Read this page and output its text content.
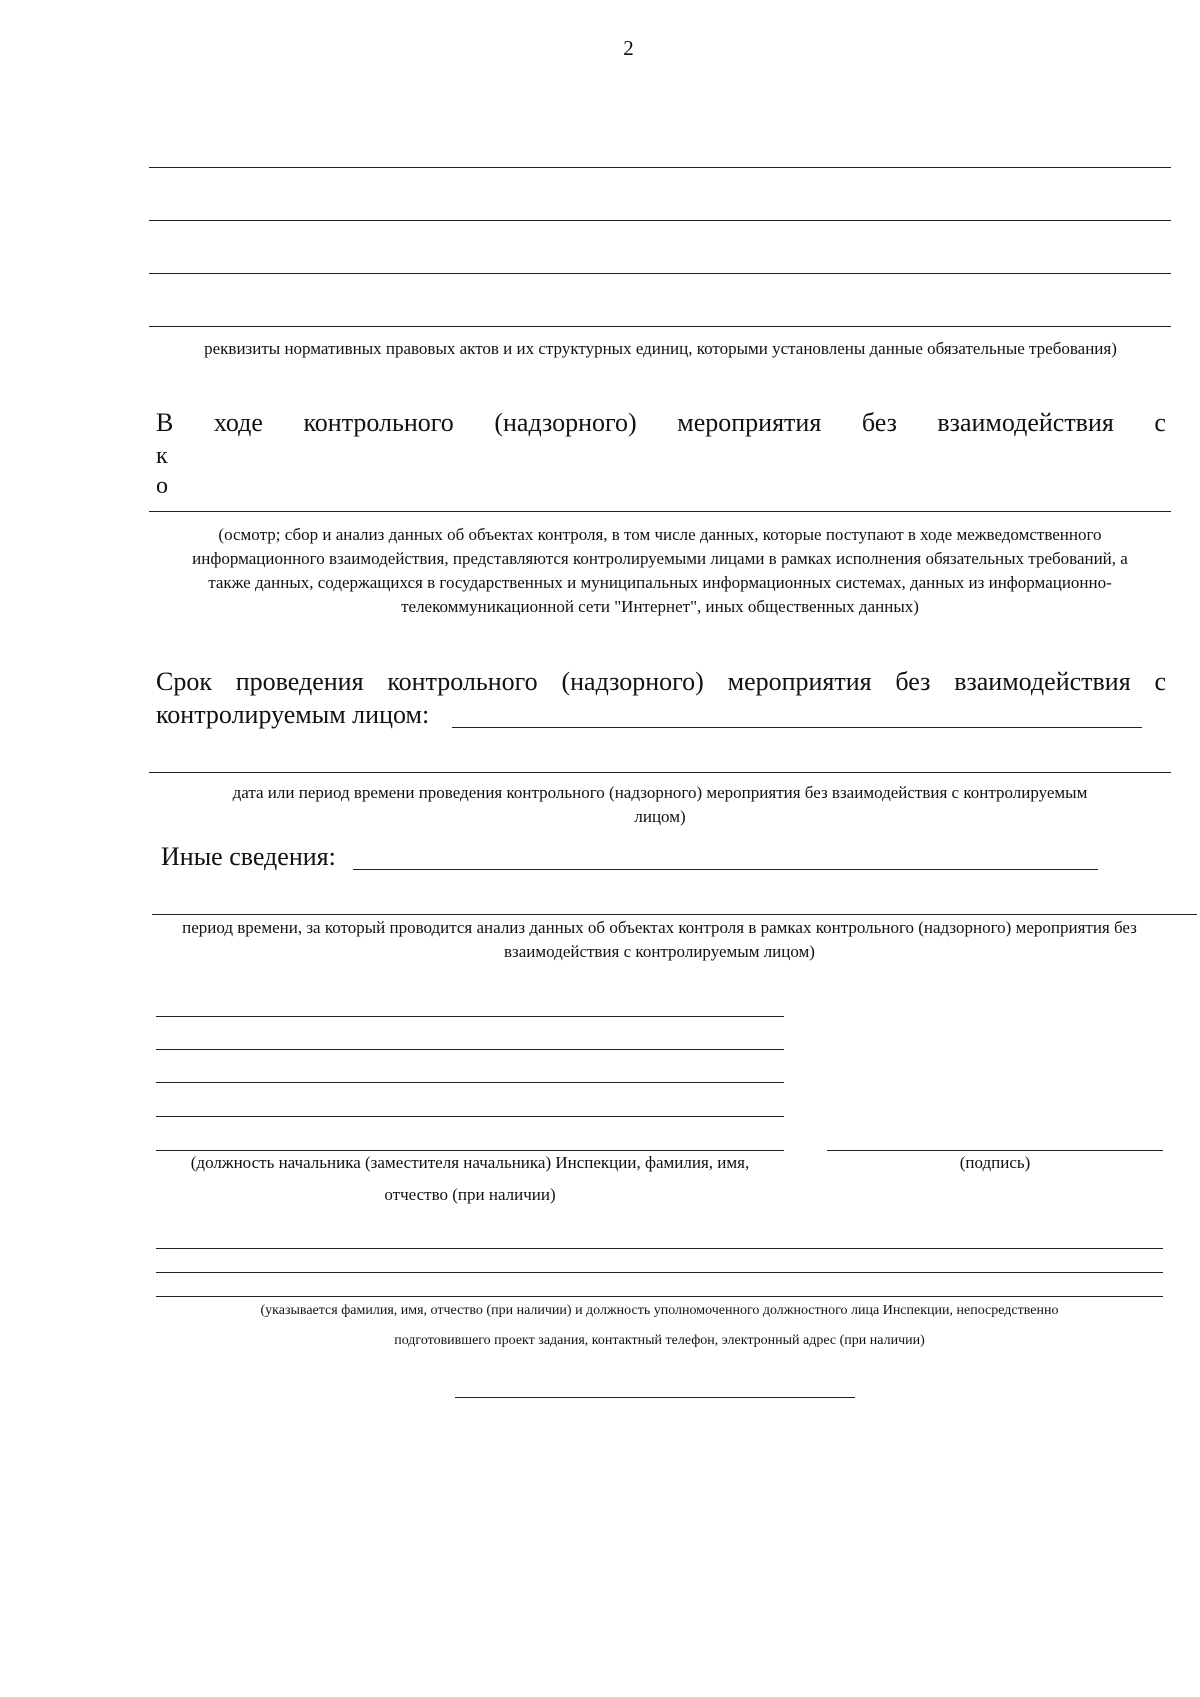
2
реквизиты нормативных правовых актов и их структурных единиц, которыми установлены данные обязательные требования)
В ходе контрольного (надзорного) мероприятия без взаимодействия с
к
о
(осмотр; сбор и анализ данных об объектах контроля, в том числе данных, которые поступают в ходе межведомственного информационного взаимодействия, представляются контролируемыми лицами в рамках исполнения обязательных требований, а также данных, содержащихся в государственных и муниципальных информационных системах, данных из информационно-телекоммуникационной сети "Интернет", иных общественных данных)
Срок проведения контрольного (надзорного) мероприятия без взаимодействия с
контролируемым лицом:
дата или период времени проведения контрольного (надзорного) мероприятия без взаимодействия с контролируемым лицом)
Иные сведения:
период времени, за который проводится анализ данных об объектах контроля в рамках контрольного (надзорного) мероприятия без взаимодействия с контролируемым лицом)
(должность начальника (заместителя начальника) Инспекции, фамилия, имя,	(подпись)
отчество (при наличии)
(указывается фамилия, имя, отчество (при наличии) и должность уполномоченного должностного лица Инспекции, непосредственно
подготовившего проект задания, контактный телефон, электронный адрес (при наличии)
